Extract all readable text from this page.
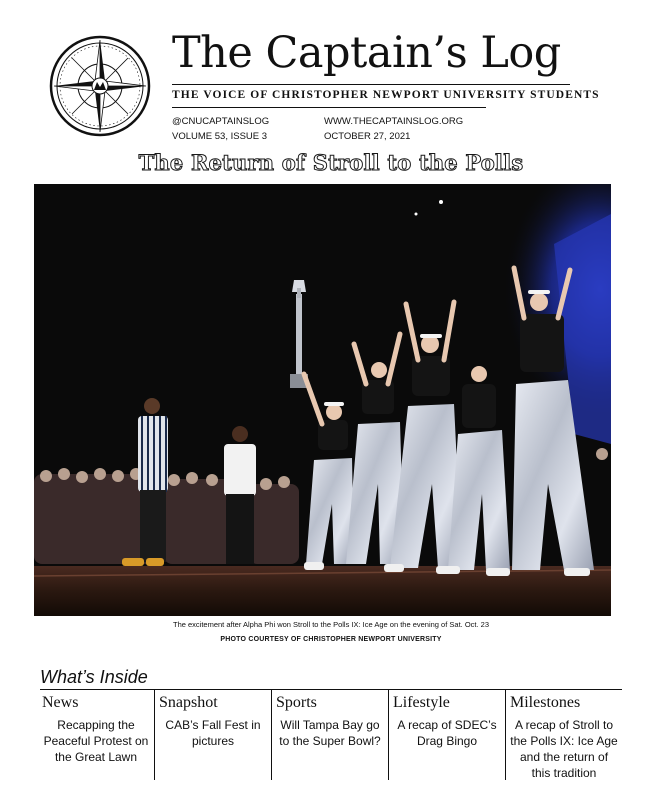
The Captain’s Log
THE VOICE OF CHRISTOPHER NEWPORT UNIVERSITY STUDENTS
@CNUCAPTAINSLOG
VOLUME 53, ISSUE 3
WWW.THECAPTAINSLOG.ORG
OCTOBER 27, 2021
The Return of Stroll to the Polls
The excitement after Alpha Phi won Stroll to the Polls IX: Ice Age on the evening of Sat. Oct. 23
PHOTO COURTESY OF CHRISTOPHER NEWPORT UNIVERSITY
What’s Inside
News
Recapping the Peaceful Protest on the Great Lawn
Snapshot
CAB’s Fall Fest in pictures
Sports
Will Tampa Bay go to the Super Bowl?
Lifestyle
A recap of SDEC’s Drag Bingo
Milestones
A recap of Stroll to the Polls IX: Ice Age and the return of this tradition
